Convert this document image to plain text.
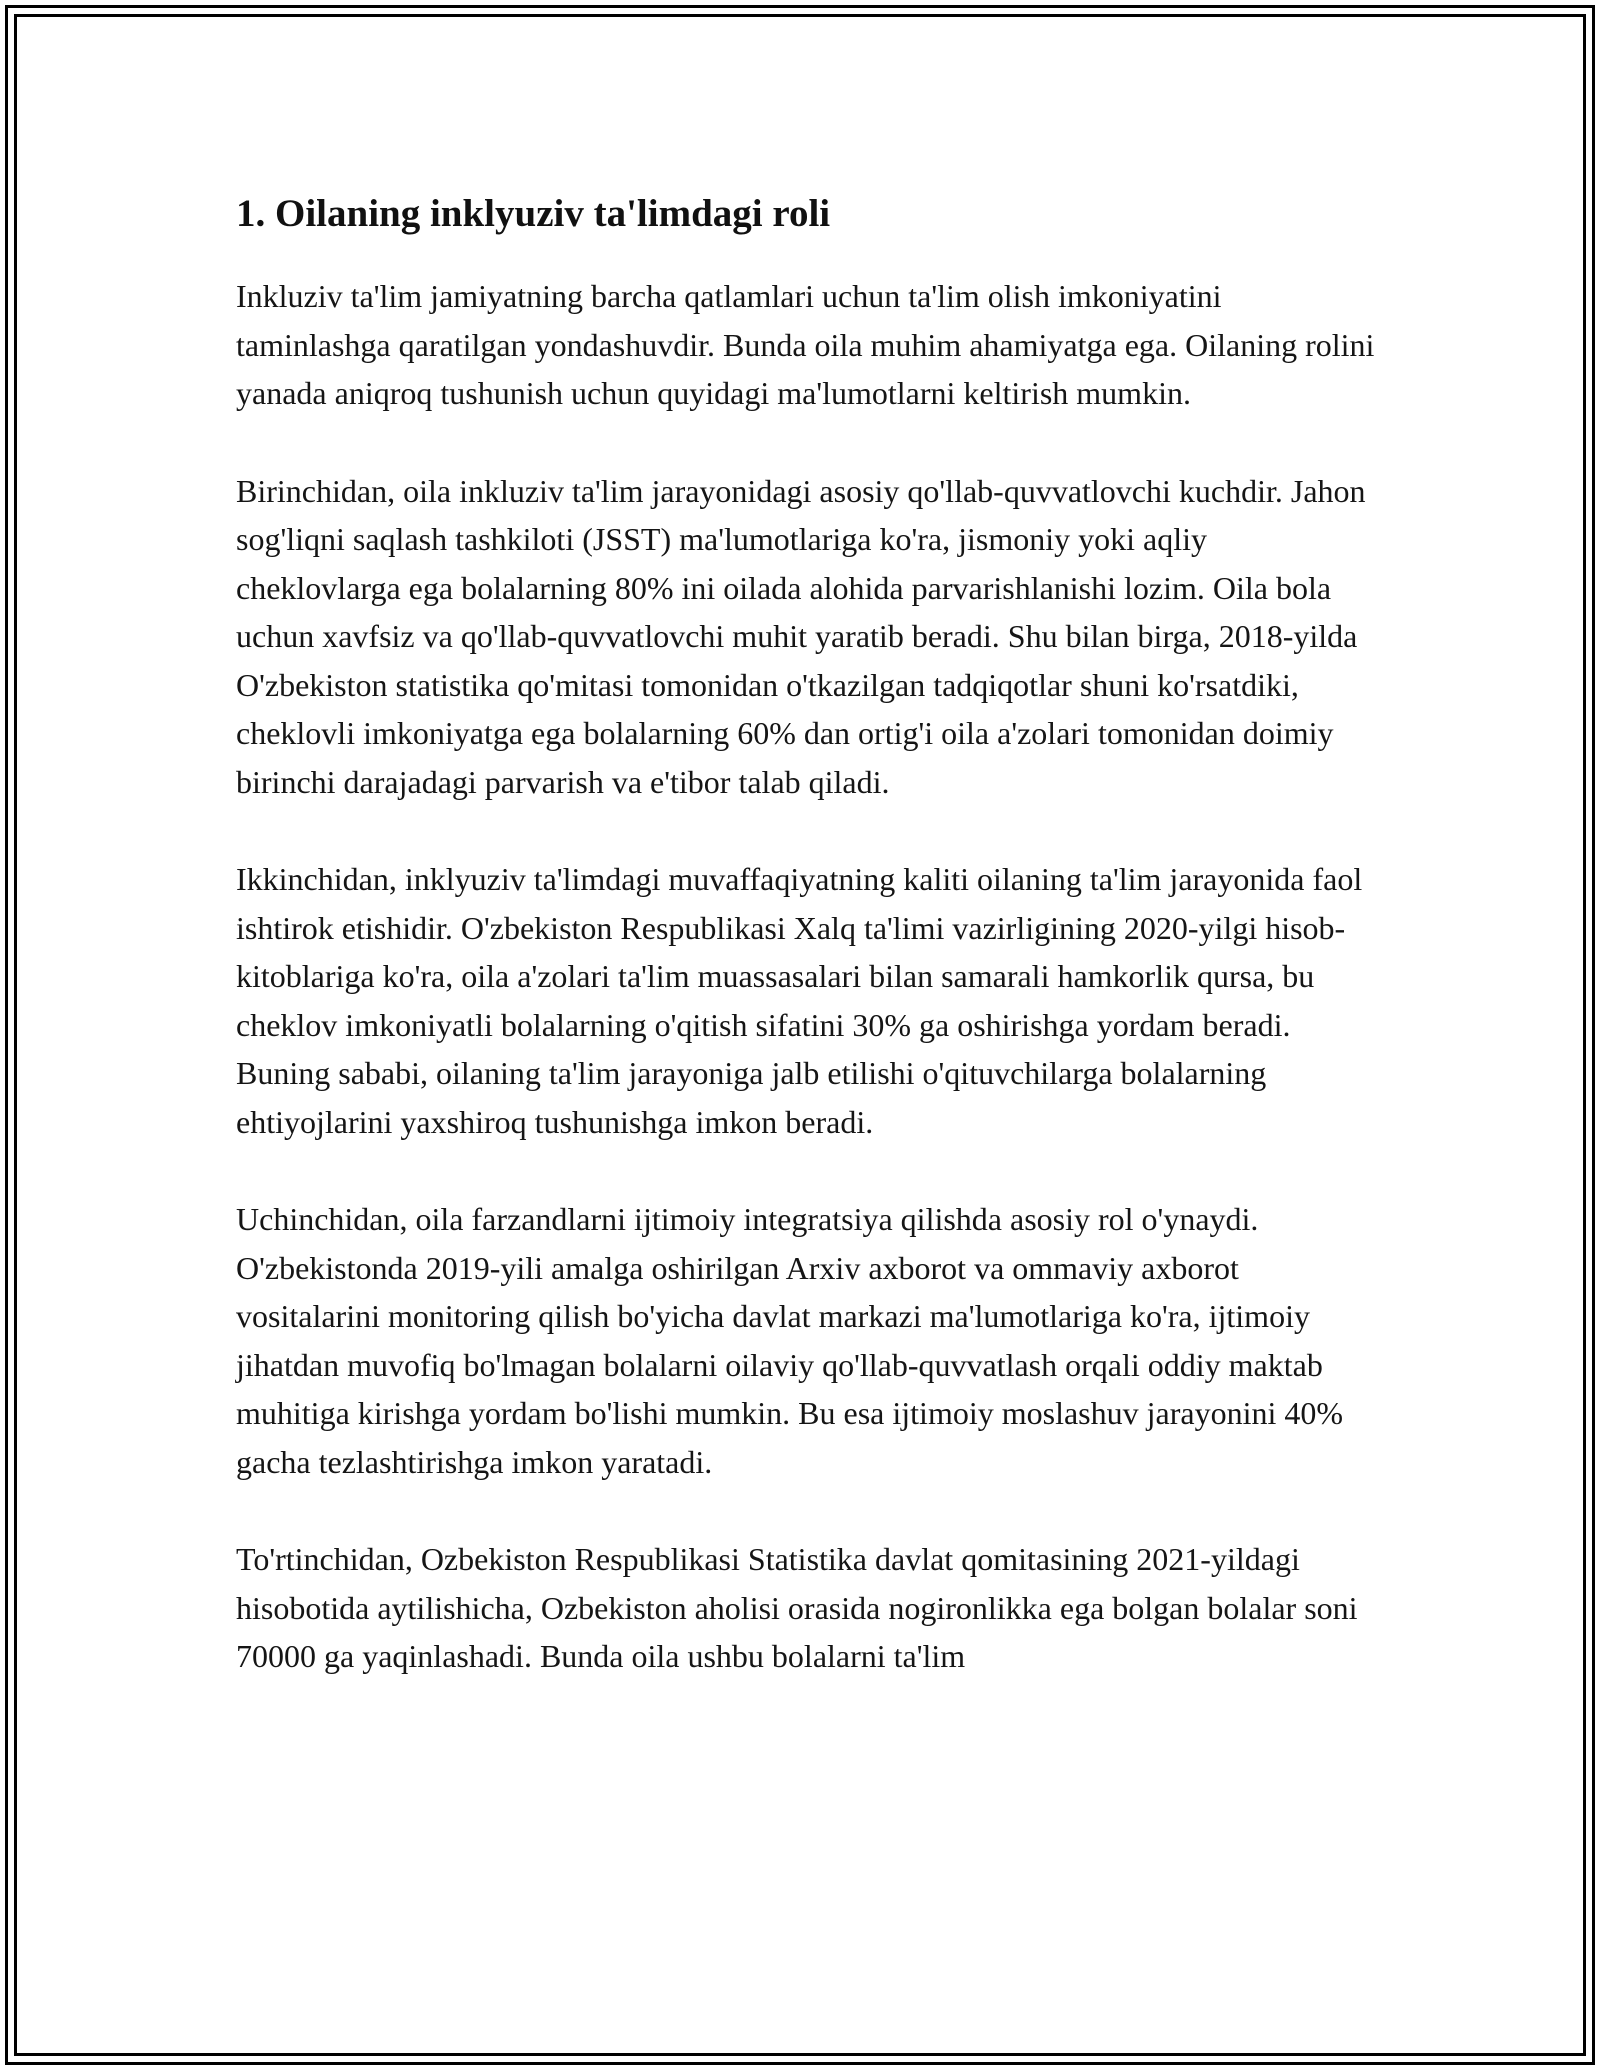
1. Oilaning inklyuziv ta'limdagi roli

Inkluziv ta'lim jamiyatning barcha qatlamlari uchun ta'lim olish imkoniyatini taminlashga qaratilgan yondashuvdir. Bunda oila muhim ahamiyatga ega. Oilaning rolini yanada aniqroq tushunish uchun quyidagi ma'lumotlarni keltirish mumkin.

Birinchidan, oila inkluziv ta'lim jarayonidagi asosiy qo'llab-quvvatlovchi kuchdir. Jahon sog'liqni saqlash tashkiloti (JSST) ma'lumotlariga ko'ra, jismoniy yoki aqliy cheklovlarga ega bolalarning 80% ini oilada alohida parvarishlanishi lozim. Oila bola uchun xavfsiz va qo'llab-quvvatlovchi muhit yaratib beradi. Shu bilan birga, 2018-yilda O'zbekiston statistika qo'mitasi tomonidan o'tkazilgan tadqiqotlar shuni ko'rsatdiki, cheklovli imkoniyatga ega bolalarning 60% dan ortig'i oila a'zolari tomonidan doimiy birinchi darajadagi parvarish va e'tibor talab qiladi.

Ikkinchidan, inklyuziv ta'limdagi muvaffaqiyatning kaliti oilaning ta'lim jarayonida faol ishtirok etishidir. O'zbekiston Respublikasi Xalq ta'limi vazirligining 2020-yilgi hisob-kitoblariga ko'ra, oila a'zolari ta'lim muassasalari bilan samarali hamkorlik qursa, bu cheklov imkoniyatli bolalarning o'qitish sifatini 30% ga oshirishga yordam beradi. Buning sababi, oilaning ta'lim jarayoniga jalb etilishi o'qituvchilarga bolalarning ehtiyojlarini yaxshiroq tushunishga imkon beradi.

Uchinchidan, oila farzandlarni ijtimoiy integratsiya qilishda asosiy rol o'ynaydi. O'zbekistonda 2019-yili amalga oshirilgan Arxiv axborot va ommaviy axborot vositalarini monitoring qilish bo'yicha davlat markazi ma'lumotlariga ko'ra, ijtimoiy jihatdan muvofiq bo'lmagan bolalarni oilaviy qo'llab-quvvatlash orqali oddiy maktab muhitiga kirishga yordam bo'lishi mumkin. Bu esa ijtimoiy moslashuv jarayonini 40% gacha tezlashtirishga imkon yaratadi.

To'rtinchidan, Ozbekiston Respublikasi Statistika davlat qomitasining 2021-yildagi hisobotida aytilishicha, Ozbekiston aholisi orasida nogironlikka ega bolgan bolalar soni 70000 ga yaqinlashadi. Bunda oila ushbu bolalarni ta'lim
